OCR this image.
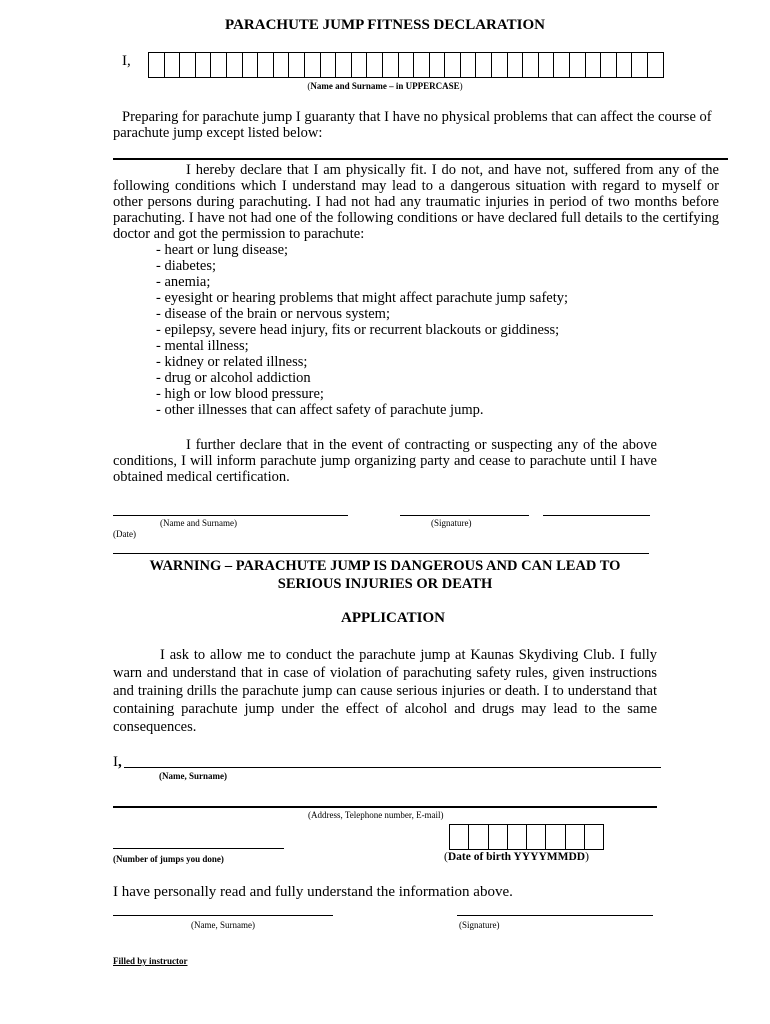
PARACHUTE JUMP FITNESS DECLARATION
I,
(Name and Surname – in UPPERCASE)
Preparing for parachute jump I guaranty that I have no physical problems that can affect the course of parachute jump except listed below:
I hereby declare that I am physically fit. I do not, and have not, suffered from any of the following conditions which I understand may lead to a dangerous situation with regard to myself or other persons during parachuting. I had not had any traumatic injuries in period of two months before parachuting. I have not had one of the following conditions or have declared full details to the certifying doctor and got the permission to parachute:
- heart or lung disease;
- diabetes;
- anemia;
- eyesight or hearing problems that might affect parachute jump safety;
- disease of the brain or nervous system;
- epilepsy, severe head injury, fits or recurrent blackouts or giddiness;
- mental illness;
- kidney or related illness;
- drug or alcohol addiction
- high or low blood pressure;
- other illnesses that can affect safety of parachute jump.
I further declare that in the event of contracting or suspecting any of the above conditions, I will inform parachute jump organizing party and cease to parachute until I have obtained medical certification.
(Name and Surname)	(Signature)
(Date)
WARNING – PARACHUTE JUMP IS DANGEROUS AND CAN LEAD TO
SERIOUS INJURIES OR DEATH
APPLICATION
I ask to allow me to conduct the parachute jump at Kaunas Skydiving Club. I fully warn and understand that in case of violation of parachuting safety rules, given instructions and training drills the parachute jump can cause serious injuries or death. I to understand that containing parachute jump under the effect of alcohol and drugs may lead to the same consequences.
I,
(Name, Surname)
(Address, Telephone number, E-mail)
(Number of jumps you done)	(Date of birth YYYYMMDD)
I have personally read and fully understand the information above.
(Name, Surname)	(Signature)
Filled by instructor
